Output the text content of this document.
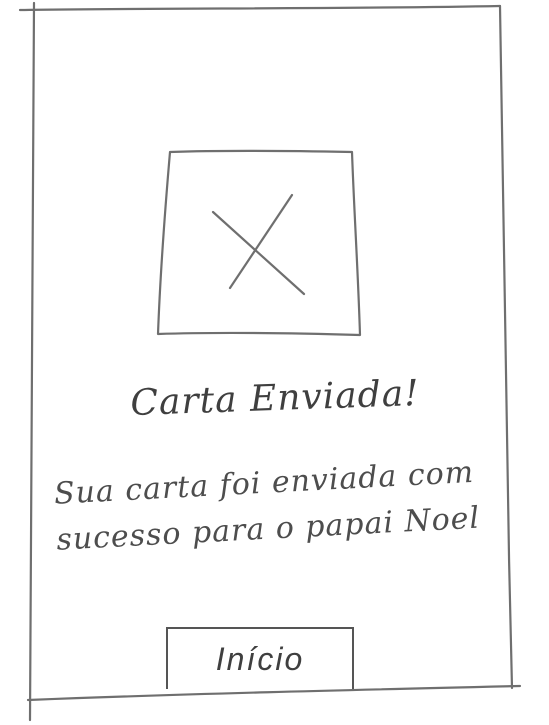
Carta Enviada!
Sua carta foi enviada com sucesso para o papai Noel
Início
